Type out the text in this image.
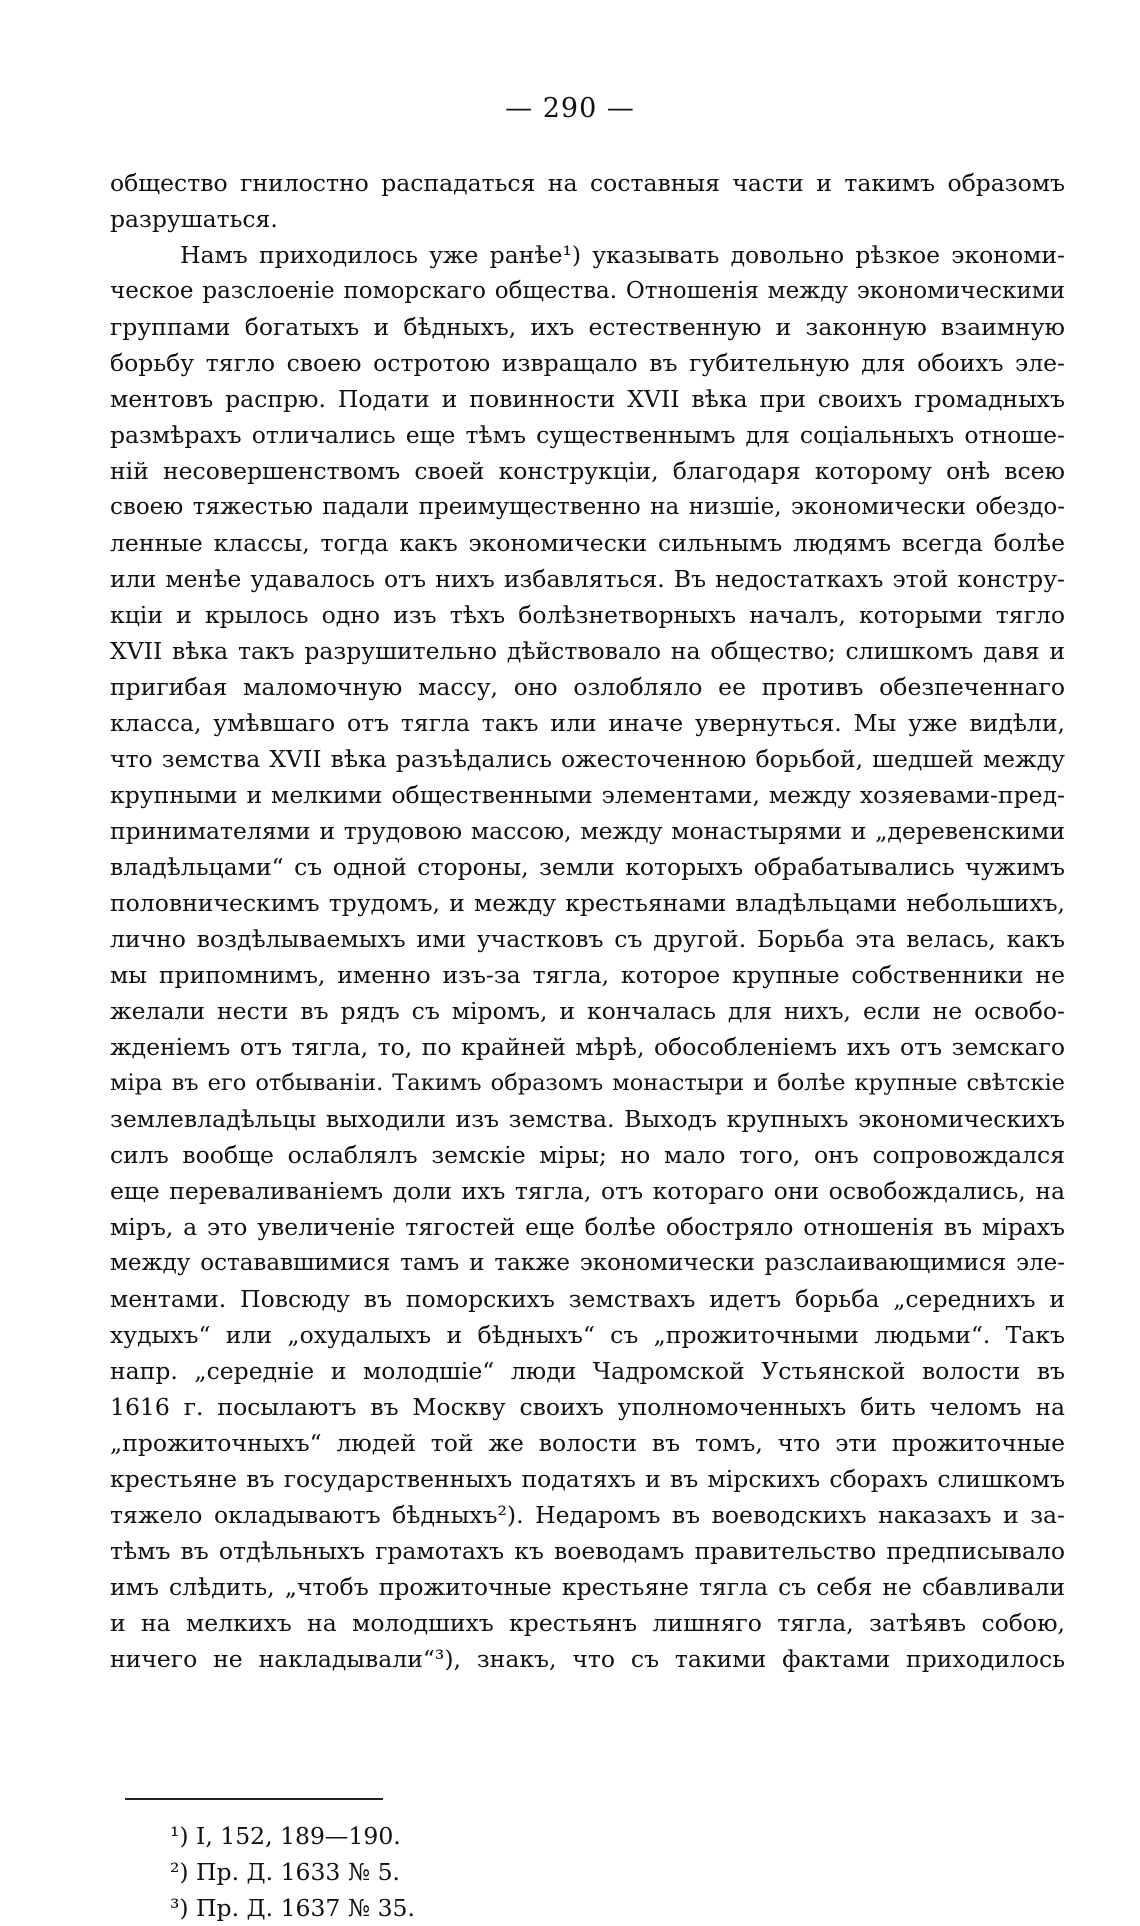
— 290 —
общество гнилостно распадаться на составныя части и такимъ образомъ
разрушаться.
Намъ приходилось уже ранѣе¹) указывать довольно рѣзкое экономи-
ческое разслоеніе поморскаго общества. Отношенія между экономическими
группами богатыхъ и бѣдныхъ, ихъ естественную и законную взаимную
борьбу тягло своею остротою извращало въ губительную для обоихъ эле-
ментовъ распрю. Подати и повинности XVII вѣка при своихъ громадныхъ
размѣрахъ отличались еще тѣмъ существеннымъ для соціальныхъ отноше-
ній несовершенствомъ своей конструкціи, благодаря которому онѣ всею
своею тяжестью падали преимущественно на низшіе, экономически обездо-
ленные классы, тогда какъ экономически сильнымъ людямъ всегда болѣе
или менѣе удавалось отъ нихъ избавляться. Въ недостаткахъ этой констру-
кціи и крылось одно изъ тѣхъ болѣзнетворныхъ началъ, которыми тягло
XVII вѣка такъ разрушительно дѣйствовало на общество; слишкомъ давя и
пригибая маломочную массу, оно озлобляло ее противъ обезпеченнаго
класса, умѣвшаго отъ тягла такъ или иначе увернуться. Мы уже видѣли,
что земства XVII вѣка разъѣдались ожесточенною борьбой, шедшей между
крупными и мелкими общественными элементами, между хозяевами-пред-
принимателями и трудовою массою, между монастырями и „деревенскими
владѣльцами“ съ одной стороны, земли которыхъ обрабатывались чужимъ
половническимъ трудомъ, и между крестьянами владѣльцами небольшихъ,
лично воздѣлываемыхъ ими участковъ съ другой. Борьба эта велась, какъ
мы припомнимъ, именно изъ-за тягла, которое крупные собственники не
желали нести въ рядъ съ міромъ, и кончалась для нихъ, если не освобо-
жденіемъ отъ тягла, то, по крайней мѣрѣ, обособленіемъ ихъ отъ земскаго
міра въ его отбываніи. Такимъ образомъ монастыри и болѣе крупные свѣтскіе
землевладѣльцы выходили изъ земства. Выходъ крупныхъ экономическихъ
силъ вообще ослаблялъ земскіе міры; но мало того, онъ сопровождался
еще переваливаніемъ доли ихъ тягла, отъ котораго они освобождались, на
міръ, а это увеличеніе тягостей еще болѣе обостряло отношенія въ мірахъ
между остававшимися тамъ и также экономически разслаивающимися эле-
ментами. Повсюду въ поморскихъ земствахъ идетъ борьба „середнихъ и
худыхъ“ или „охудалыхъ и бѣдныхъ“ съ „прожиточными людьми“. Такъ
напр. „середніе и молодшіе“ люди Чадромской Устьянской волости въ
1616 г. посылаютъ въ Москву своихъ уполномоченныхъ бить челомъ на
„прожиточныхъ“ людей той же волости въ томъ, что эти прожиточные
крестьяне въ государственныхъ податяхъ и въ мірскихъ сборахъ слишкомъ
тяжело окладываютъ бѣдныхъ²). Недаромъ въ воеводскихъ наказахъ и за-
тѣмъ въ отдѣльныхъ грамотахъ къ воеводамъ правительство предписывало
имъ слѣдить, „чтобъ прожиточные крестьяне тягла съ себя не сбавливали
и на мелкихъ на молодшихъ крестьянъ лишняго тягла, затѣявъ собою,
ничего не накладывали“³), знакъ, что съ такими фактами приходилось
¹) I, 152, 189—190.
²) Пр. Д. 1633 № 5.
³) Пр. Д. 1637 № 35.
